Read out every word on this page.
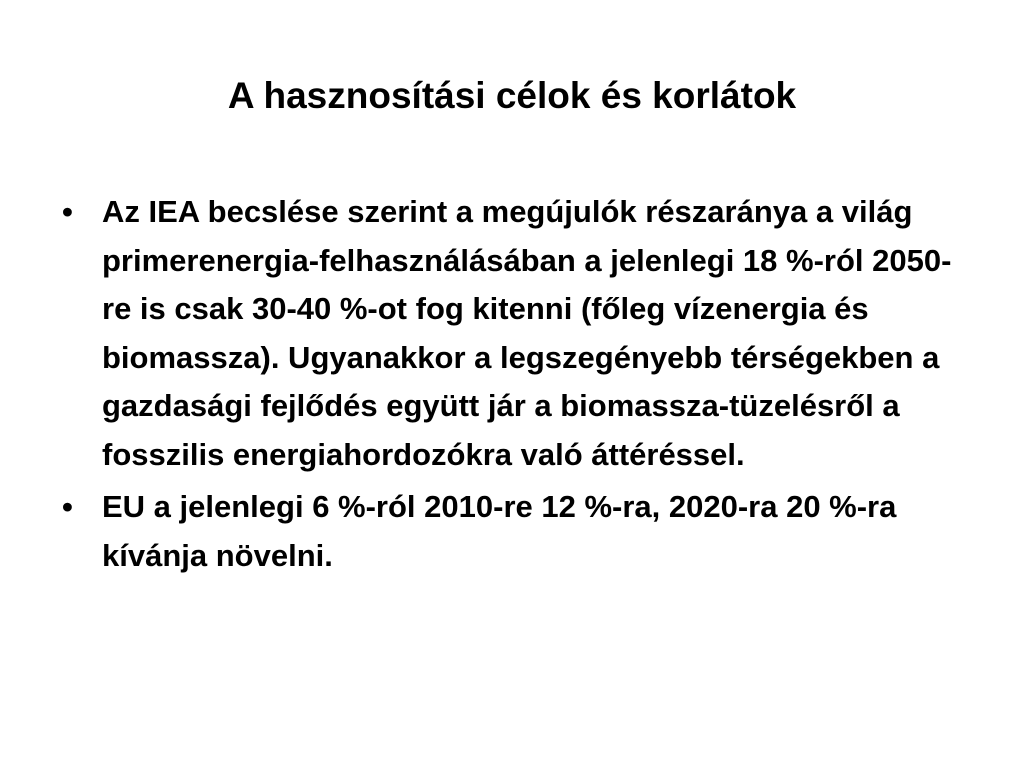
A hasznosítási célok és korlátok
• Az IEA becslése szerint a megújulók részaránya a világ primerenergia-felhasználásában a jelenlegi 18 %-ról 2050-re is csak 30-40 %-ot fog kitenni (főleg vízenergia és biomassza). Ugyanakkor a legszegényebb térségekben a gazdasági fejlődés együtt jár a biomassza-tüzelésről a fosszilis energiahordozókra való áttéréssel.
• EU a jelenlegi 6 %-ról 2010-re 12 %-ra, 2020-ra 20 %-ra kívánja növelni.
